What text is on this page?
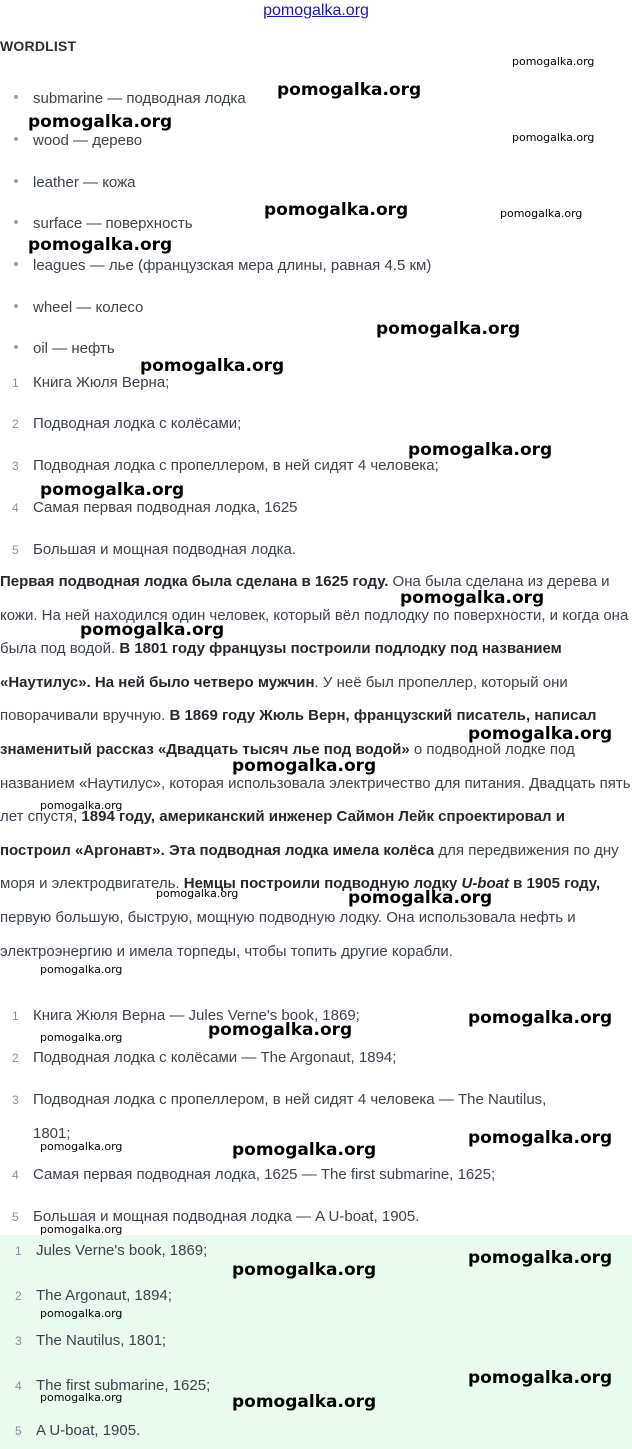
pomogalka.org
WORDLIST
submarine — подводная лодка
wood — дерево
leather — кожа
surface — поверхность
leagues — лье (французская мера длины, равная 4.5 км)
wheel — колесо
oil — нефть
1 Книга Жюля Верна;
2 Подводная лодка с колёсами;
3 Подводная лодка с пропеллером, в ней сидят 4 человека;
4 Самая первая подводная лодка, 1625
5 Большая и мощная подводная лодка.
Первая подводная лодка была сделана в 1625 году. Она была сделана из дерева и кожи. На ней находился один человек, который вёл подлодку по поверхности, и когда она была под водой. В 1801 году французы построили подлодку под названием «Наутилус». На ней было четверо мужчин. У неё был пропеллер, который они поворачивали вручную. В 1869 году Жюль Верн, французский писатель, написал знаменитый рассказ «Двадцать тысяч лье под водой» о подводной лодке под названием «Наутилус», которая использовала электричество для питания. Двадцать пять лет спустя, 1894 году, американский инженер Саймон Лейк спроектировал и построил «Аргонавт». Эта подводная лодка имела колёса для передвижения по дну моря и электродвигатель. Немцы построили подводную лодку U-boat в 1905 году, первую большую, быструю, мощную подводную лодку. Она использовала нефть и электроэнергию и имела торпеды, чтобы топить другие корабли.
1 Книга Жюля Верна — Jules Verne's book, 1869;
2 Подводная лодка с колёсами — The Argonaut, 1894;
3 Подводная лодка с пропеллером, в ней сидят 4 человека — The Nautilus,
1801;
4 Самая первая подводная лодка, 1625 — The first submarine, 1625;
5 Большая и мощная подводная лодка — A U-boat, 1905.
1 Jules Verne's book, 1869;
2 The Argonaut, 1894;
3 The Nautilus, 1801;
4 The first submarine, 1625;
5 A U-boat, 1905.
pomogalka.org
pomogalka.org
pomogalka.org
pomogalka.org
pomogalka.org	pomogalka.org
pomogalka.org
pomogalka.org
pomogalka.org
pomogalka.org
pomogalka.org
pomogalka.org
pomogalka.org
pomogalka.org
pomogalka.org
pomogalka.org
pomogalka.org	pomogalka.org
pomogalka.org
pomogalka.org
pomogalka.org
pomogalka.org
pomogalka.org
pomogalka.org	pomogalka.org
pomogalka.org
pomogalka.org
pomogalka.org
pomogalka.org
pomogalka.org
pomogalka.org	pomogalka.org
